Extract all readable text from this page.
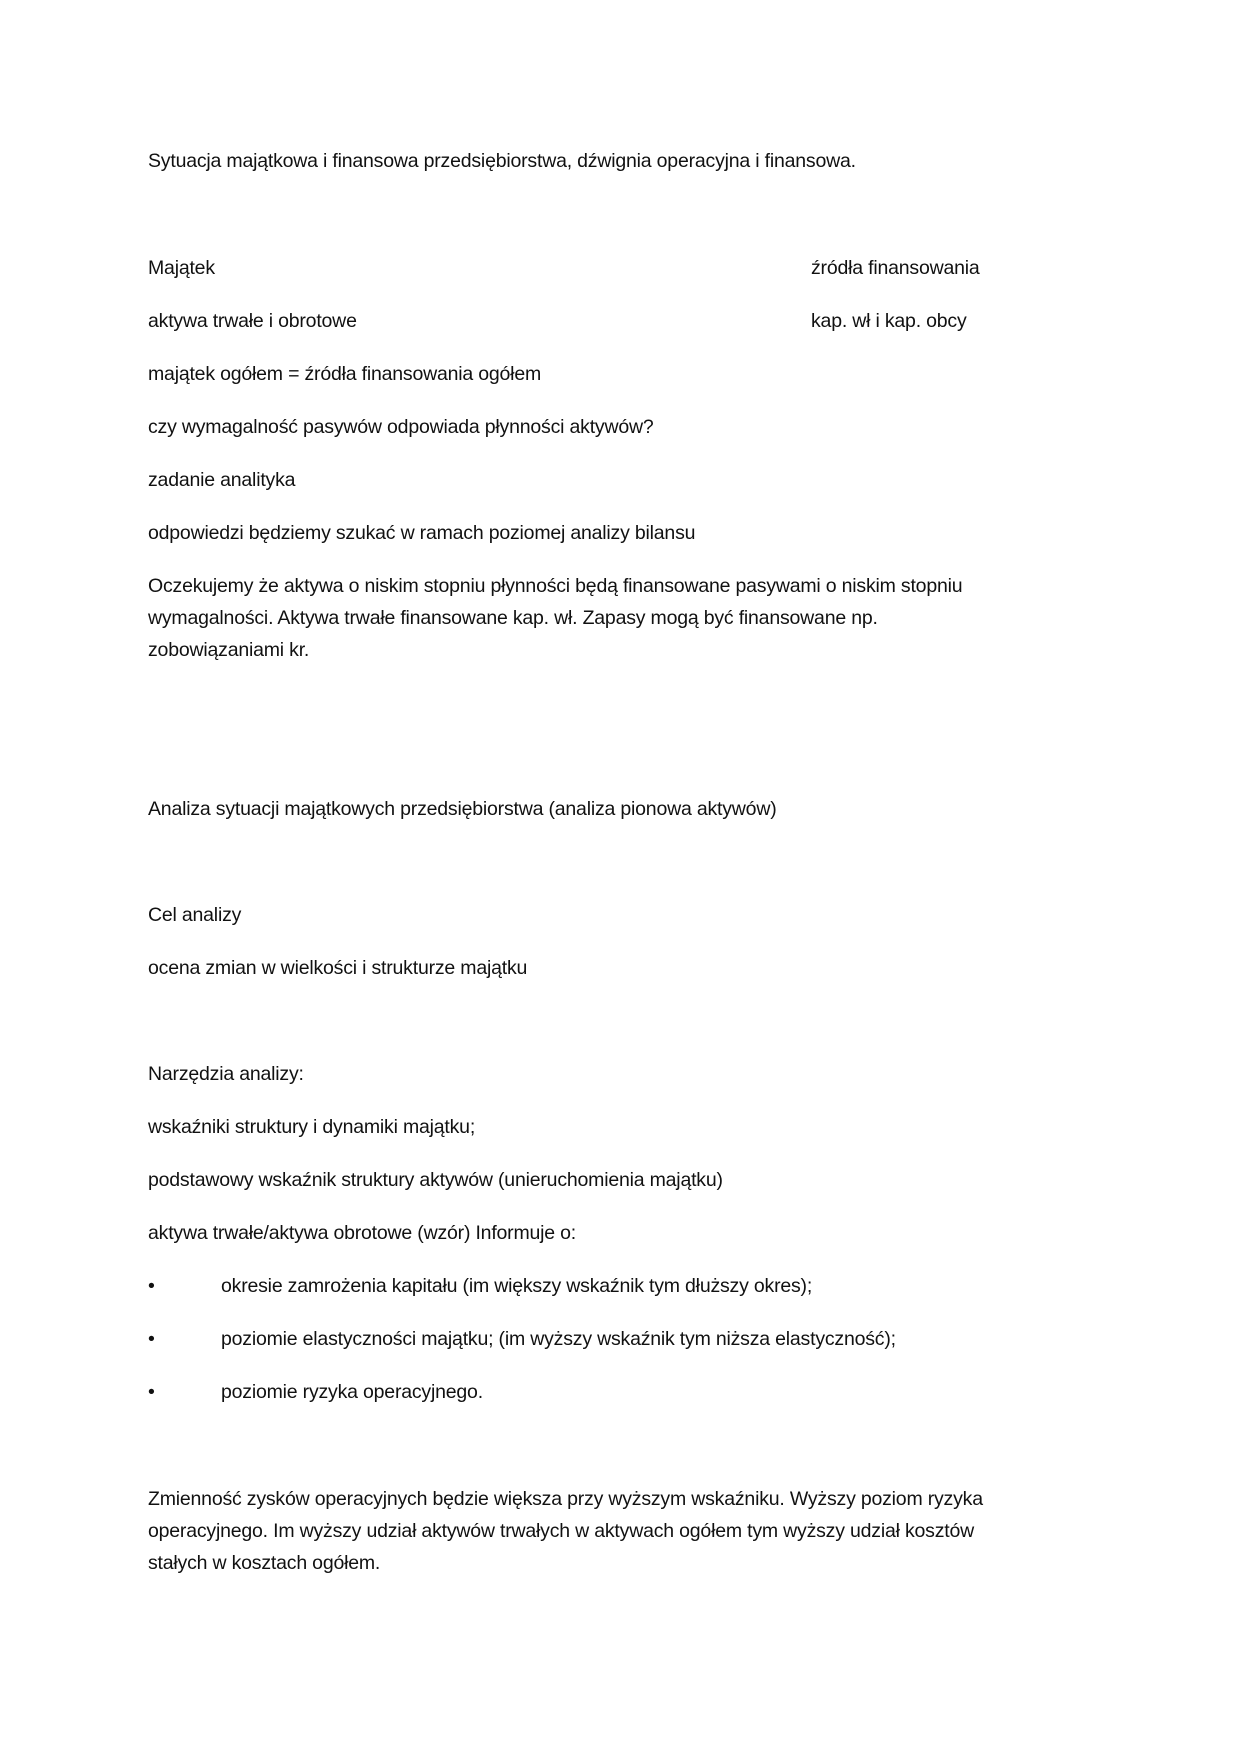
Sytuacja majątkowa i finansowa przedsiębiorstwa, dźwignia operacyjna i finansowa.
Majątek	źródła finansowania
aktywa trwałe i obrotowe	kap. wł i kap. obcy
majątek ogółem = źródła finansowania ogółem
czy wymagalność pasywów odpowiada płynności aktywów?
zadanie analityka
odpowiedzi będziemy szukać w ramach poziomej analizy bilansu
Oczekujemy że aktywa o niskim stopniu płynności będą finansowane pasywami o niskim stopniu
wymagalności. Aktywa trwałe finansowane kap. wł. Zapasy mogą być finansowane np.
zobowiązaniami kr.
Analiza sytuacji majątkowych przedsiębiorstwa (analiza pionowa aktywów)
Cel analizy
ocena zmian w wielkości i strukturze majątku
Narzędzia analizy:
wskaźniki struktury i dynamiki majątku;
podstawowy wskaźnik struktury aktywów (unieruchomienia majątku)
aktywa trwałe/aktywa obrotowe (wzór) Informuje o:
•	okresie zamrożenia kapitału (im większy wskaźnik tym dłuższy okres);
•	poziomie elastyczności majątku; (im wyższy wskaźnik tym niższa elastyczność);
•	poziomie ryzyka operacyjnego.
Zmienność zysków operacyjnych będzie większa przy wyższym wskaźniku. Wyższy poziom ryzyka
operacyjnego. Im wyższy udział aktywów trwałych w aktywach ogółem tym wyższy udział kosztów
stałych w kosztach ogółem.
